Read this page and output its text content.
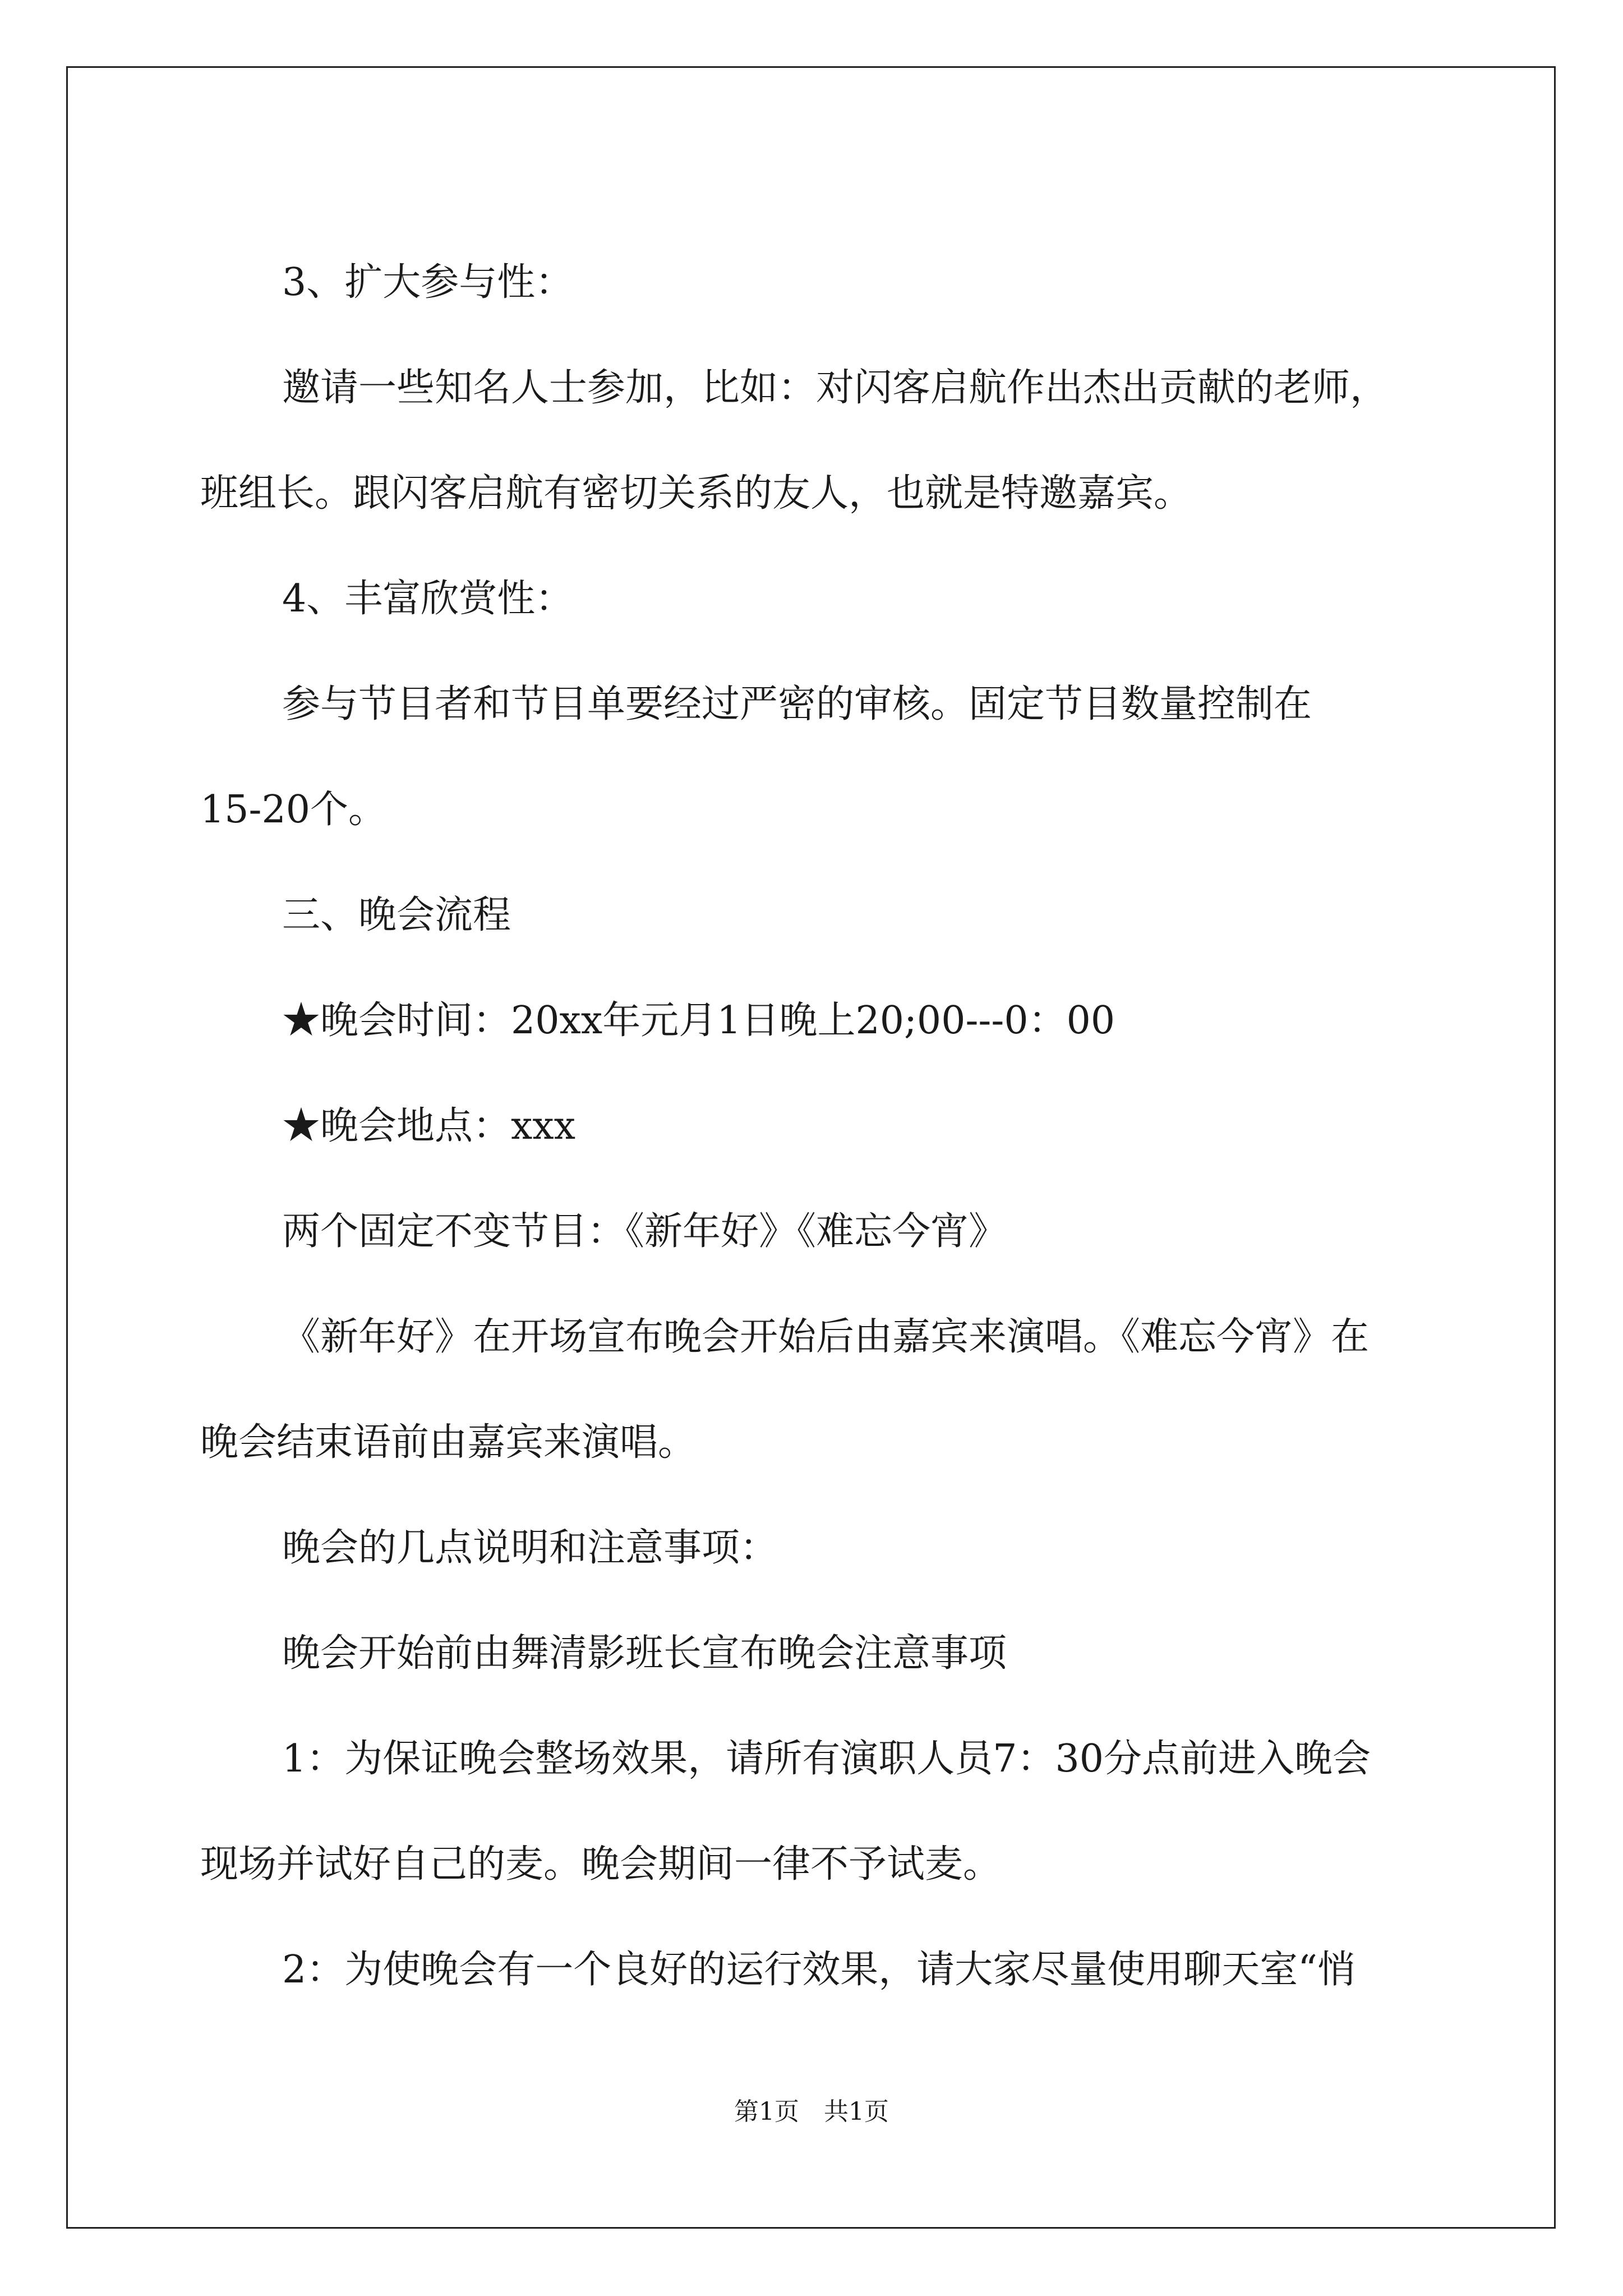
3、扩大参与性：

邀请一些知名人士参加，比如：对闪客启航作出杰出贡献的老师，

班组长。跟闪客启航有密切关系的友人，也就是特邀嘉宾。

4、丰富欣赏性：

参与节目者和节目单要经过严密的审核。固定节目数量控制在

15-20个。

三、晚会流程

★晚会时间：20xx年元月1日晚上20;00---0：00

★晚会地点：xxx

两个固定不变节目：《新年好》《难忘今宵》

《新年好》在开场宣布晚会开始后由嘉宾来演唱。《难忘今宵》在

晚会结束语前由嘉宾来演唱。

晚会的几点说明和注意事项：

晚会开始前由舞清影班长宣布晚会注意事项

1：为保证晚会整场效果，请所有演职人员7：30分点前进入晚会

现场并试好自己的麦。晚会期间一律不予试麦。

2：为使晚会有一个良好的运行效果，请大家尽量使用聊天室“悄

第1页　共1页
